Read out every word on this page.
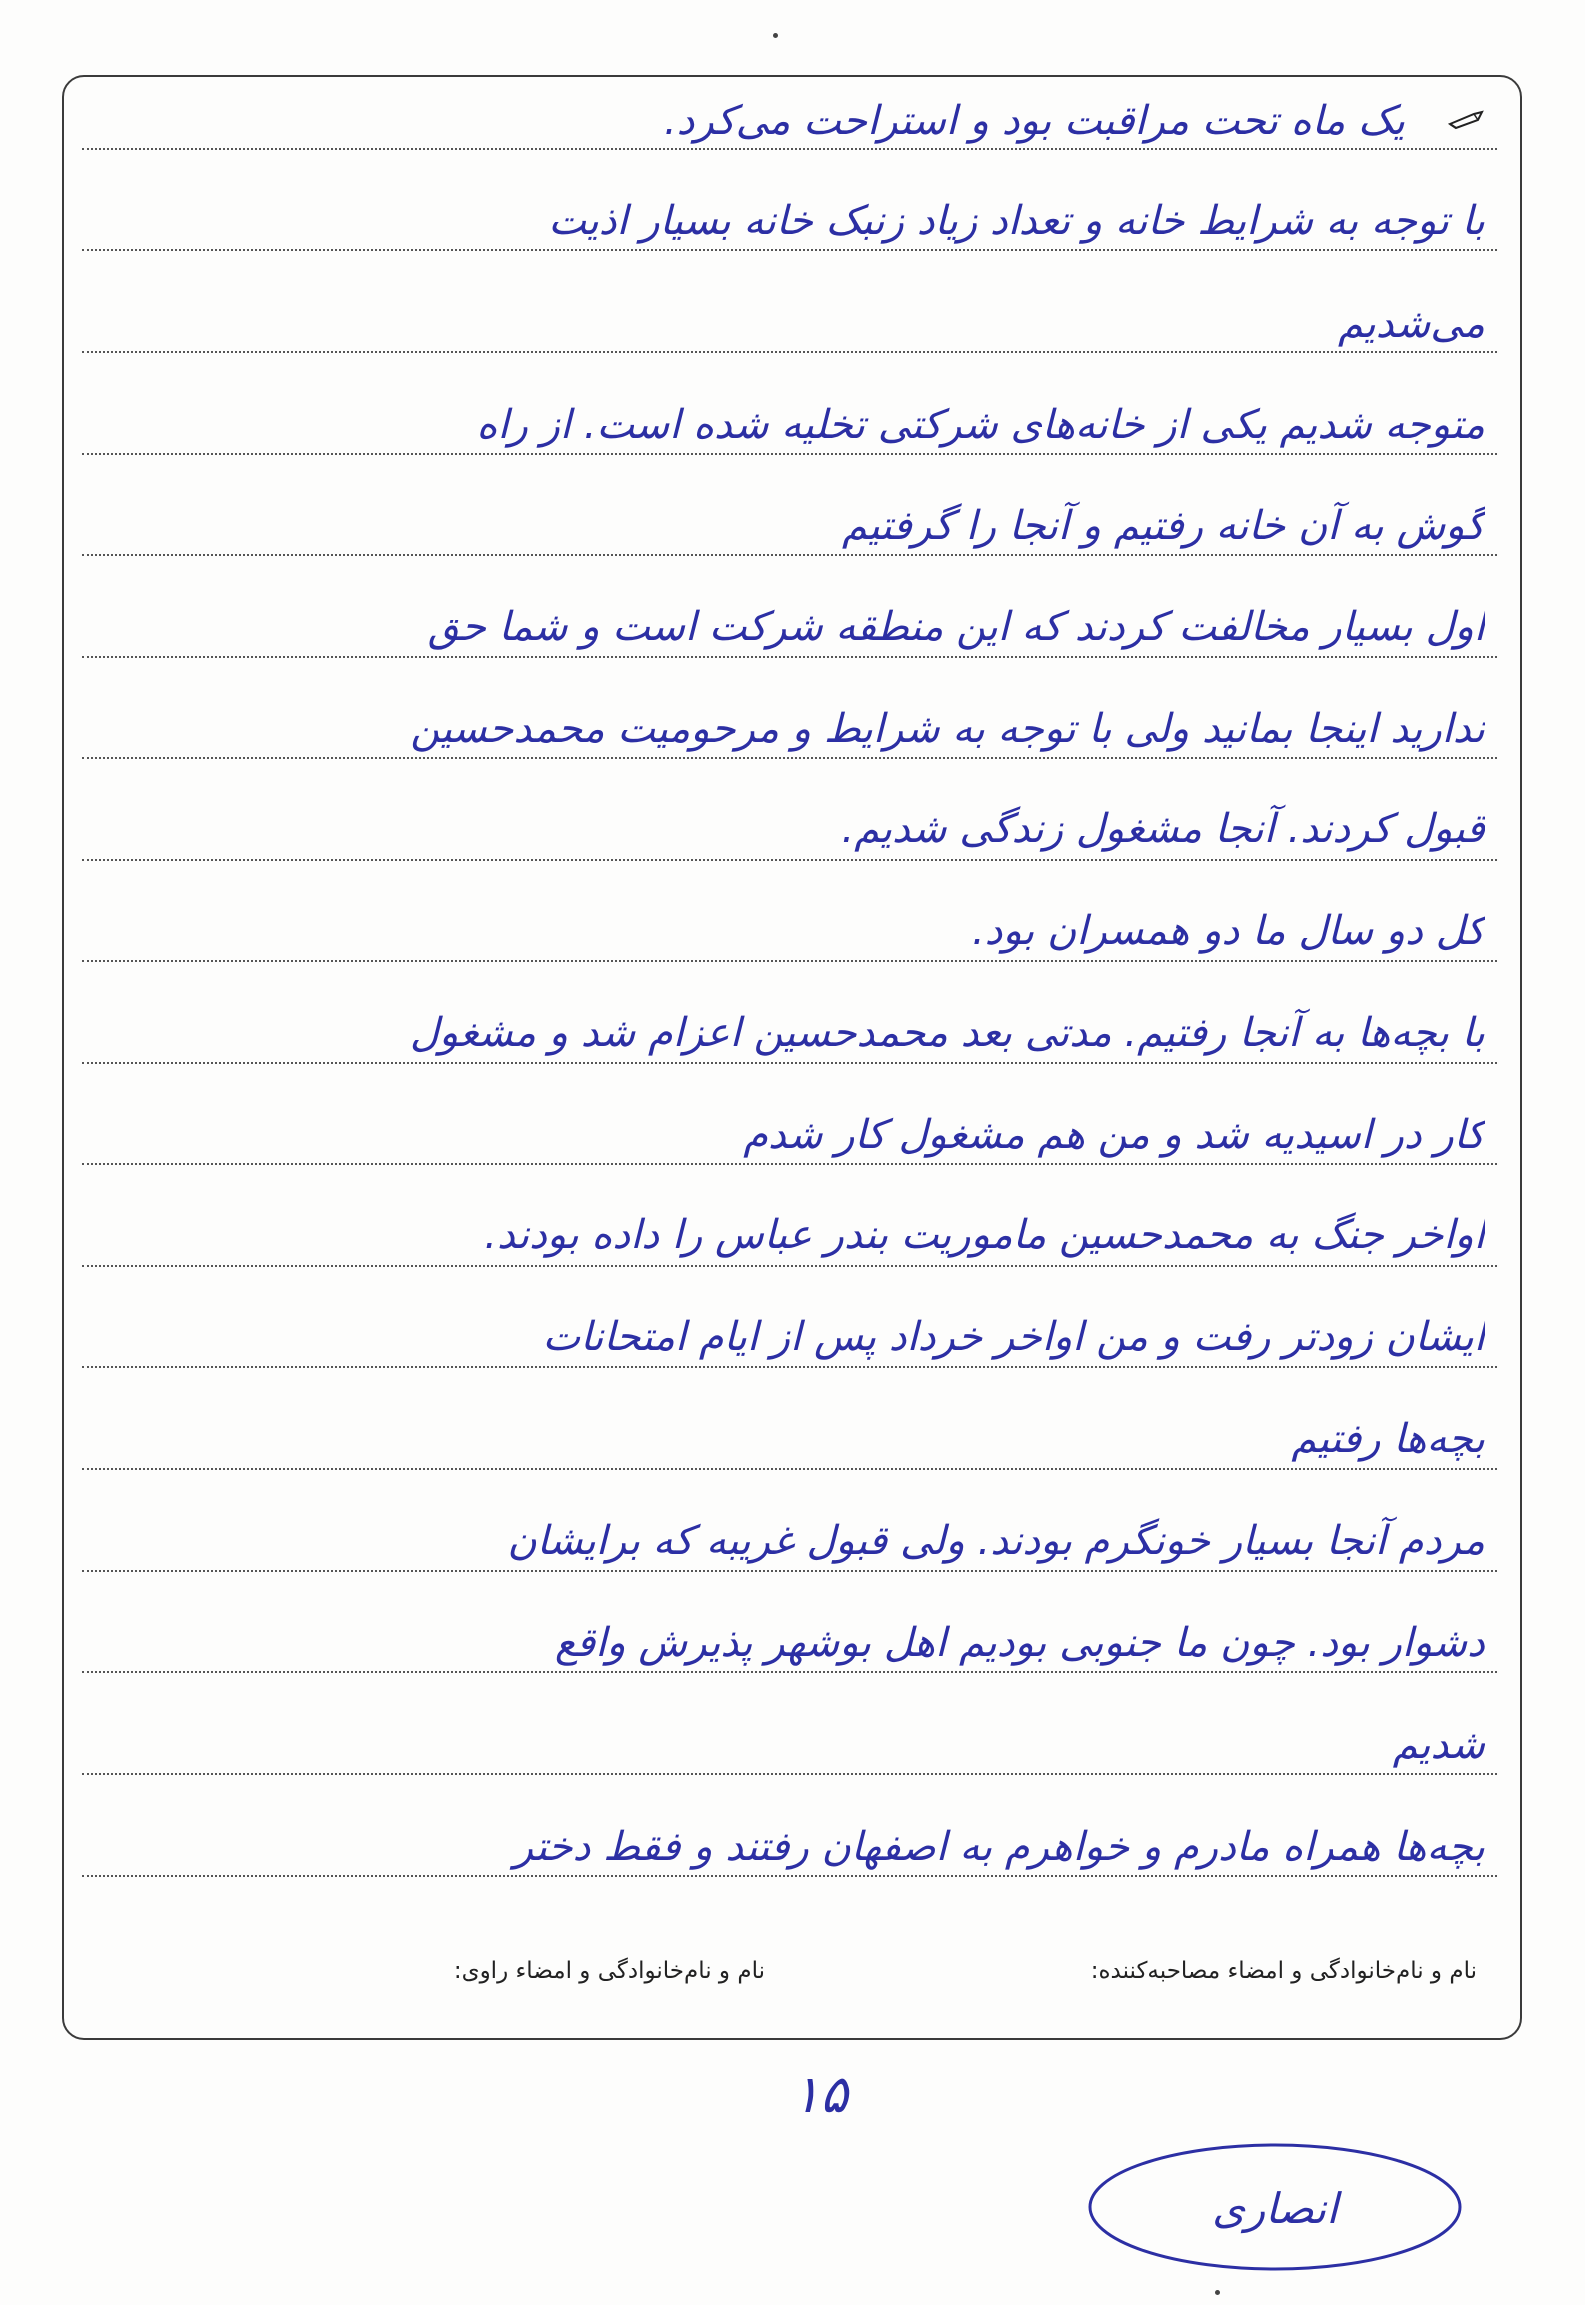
یک ماه تحت مراقبت بود و استراحت می‌کرد.
با توجه به شرایط خانه و تعداد زیاد زنبک خانه بسیار اذیت
می‌شدیم
متوجه شدیم یکی از خانه‌های شرکتی تخلیه شده است. از راه
گوش به آن خانه رفتیم و آنجا را گرفتیم
اول بسیار مخالفت کردند که این منطقه شرکت است و شما حق
ندارید اینجا بمانید ولی با توجه به شرایط و مرحومیت محمدحسین
قبول کردند. آنجا مشغول زندگی شدیم.
کل دو سال ما دو همسران بود.
با بچه‌ها به آنجا رفتیم. مدتی بعد محمدحسین اعزام شد و مشغول
کار در اسیدیه شد و من هم مشغول کار شدم
اواخر جنگ به محمدحسین ماموریت بندر عباس را داده بودند.
ایشان زودتر رفت و من اواخر خرداد پس از ایام امتحانات
بچه‌ها رفتیم
مردم آنجا بسیار خونگرم بودند. ولی قبول غریبه که برایشان
دشوار بود. چون ما جنوبی بودیم اهل بوشهر پذیرش واقع
شدیم
بچه‌ها همراه مادرم و خواهرم به اصفهان رفتند و فقط دختر
نام و نام‌خانوادگی و امضاء مصاحبه‌کننده:
نام و نام‌خانوادگی و امضاء راوی:
۱۵
انصاری
